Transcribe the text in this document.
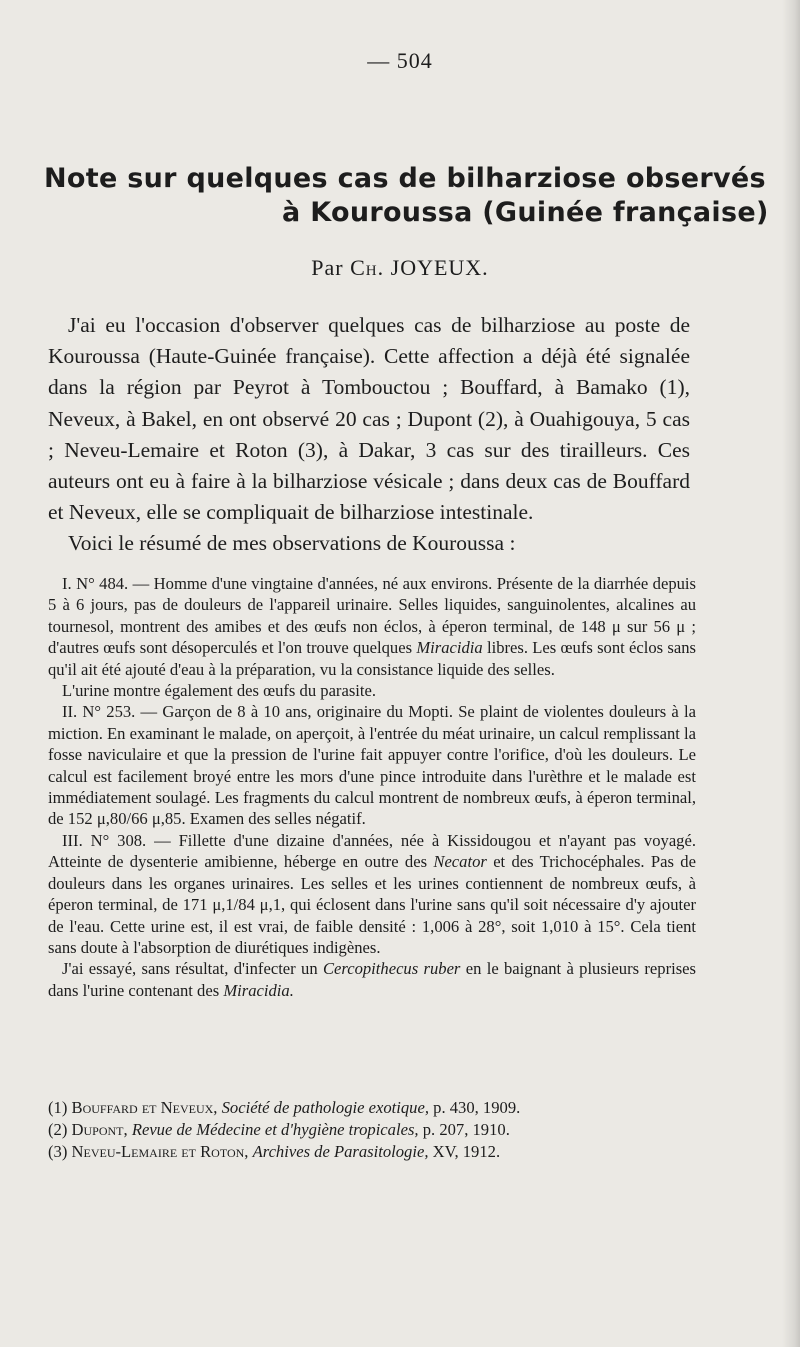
— 504
Note sur quelques cas de bilharziose observés
à Kouroussa (Guinée française)
Par Ch. JOYEUX.

J'ai eu l'occasion d'observer quelques cas de bilharziose au poste de Kouroussa (Haute-Guinée française). Cette affection a déjà été signalée dans la région par Peyrot à Tombouctou ; Bouffard, à Bamako (1), Neveux, à Bakel, en ont observé 20 cas ; Dupont (2), à Ouahigouya, 5 cas ; Neveu-Lemaire et Roton (3), à Dakar, 3 cas sur des tirailleurs. Ces auteurs ont eu à faire à la bilharziose vésicale ; dans deux cas de Bouffard et Neveux, elle se compliquait de bilharziose intestinale.

Voici le résumé de mes observations de Kouroussa :

I. N° 484. — Homme d'une vingtaine d'années, né aux environs. Présente de la diarrhée depuis 5 à 6 jours, pas de douleurs de l'appareil urinaire. Selles liquides, sanguinolentes, alcalines au tournesol, montrent des amibes et des œufs non éclos, à éperon terminal, de 148 μ sur 56 μ ; d'autres œufs sont désoperculés et l'on trouve quelques Miracidia libres. Les œufs sont éclos sans qu'il ait été ajouté d'eau à la préparation, vu la consistance liquide des selles.

L'urine montre également des œufs du parasite.

II. N° 253. — Garçon de 8 à 10 ans, originaire du Mopti. Se plaint de violentes douleurs à la miction. En examinant le malade, on aperçoit, à l'entrée du méat urinaire, un calcul remplissant la fosse naviculaire et que la pression de l'urine fait appuyer contre l'orifice, d'où les douleurs. Le calcul est facilement broyé entre les mors d'une pince introduite dans l'urèthre et le malade est immédiatement soulagé. Les fragments du calcul montrent de nombreux œufs, à éperon terminal, de 152 μ,80/66 μ,85. Examen des selles négatif.

III. N° 308. — Fillette d'une dizaine d'années, née à Kissidougou et n'ayant pas voyagé. Atteinte de dysenterie amibienne, héberge en outre des Necator et des Trichocéphales. Pas de douleurs dans les organes urinaires. Les selles et les urines contiennent de nombreux œufs, à éperon terminal, de 171 μ,1/84 μ,1, qui éclosent dans l'urine sans qu'il soit nécessaire d'y ajouter de l'eau. Cette urine est, il est vrai, de faible densité : 1,006 à 28°, soit 1,010 à 15°. Cela tient sans doute à l'absorption de diurétiques indigènes.

J'ai essayé, sans résultat, d'infecter un Cercopithecus ruber en le baignant à plusieurs reprises dans l'urine contenant des Miracidia.

(1) Bouffard et Neveux, Société de pathologie exotique, p. 430, 1909.
(2) Dupont, Revue de Médecine et d'hygiène tropicales, p. 207, 1910.
(3) Neveu-Lemaire et Roton, Archives de Parasitologie, XV, 1912.
